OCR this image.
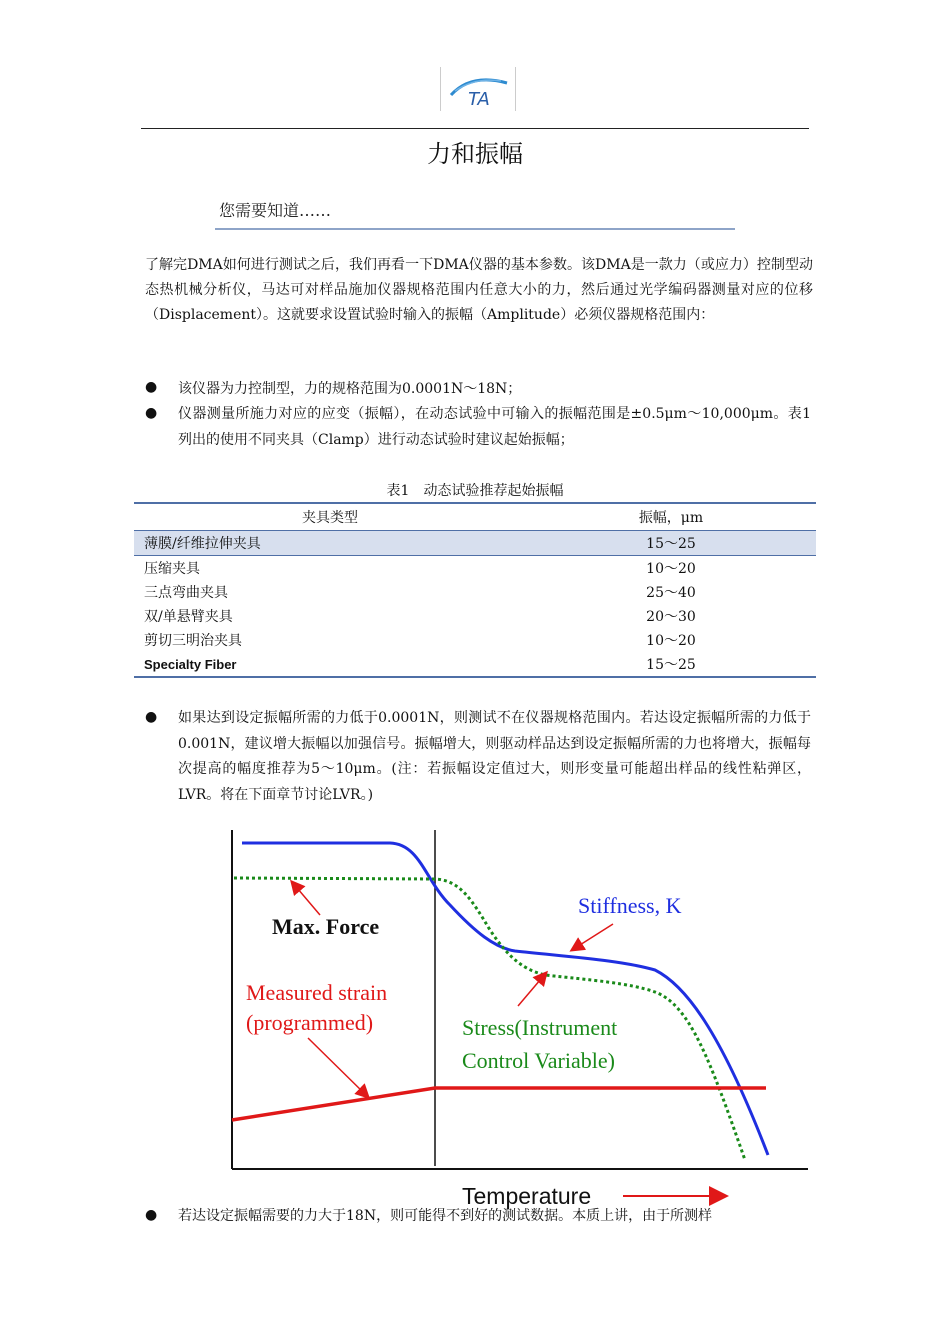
TA
力和振幅
您需要知道……
了解完DMA如何进行测试之后，我们再看一下DMA仪器的基本参数。该DMA是一款力（或应力）控制型动态热机械分析仪，马达可对样品施加仪器规格范围内任意大小的力，然后通过光学编码器测量对应的位移（Displacement）。这就要求设置试验时输入的振幅（Amplitude）必须仪器规格范围内：
●	该仪器为力控制型，力的规格范围为0.0001N～18N；
●	仪器测量所施力对应的应变（振幅），在动态试验中可输入的振幅范围是±0.5μm～10,000μm。表1列出的使用不同夹具（Clamp）进行动态试验时建议起始振幅；
表1　动态试验推荐起始振幅
夹具类型	振幅，μm
薄膜/纤维拉伸夹具	15～25
压缩夹具	10～20
三点弯曲夹具	25～40
双/单悬臂夹具	20～30
剪切三明治夹具	10～20
Specialty Fiber	15～25
●	如果达到设定振幅所需的力低于0.0001N，则测试不在仪器规格范围内。若达设定振幅所需的力低于 0.001N，建议增大振幅以加强信号。振幅增大，则驱动样品达到设定振幅所需的力也将增大，振幅每次提高的幅度推荐为5～10μm。(注：若振幅设定值过大，则形变量可能超出样品的线性粘弹区，LVR。将在下面章节讨论LVR。)
Max. Force
Stiffness, K
Measured strain
(programmed)	Stress(Instrument
Control Variable)
Temperature
●	若达设定振幅需要的力大于18N，则可能得不到好的测试数据。本质上讲，由于所测样
